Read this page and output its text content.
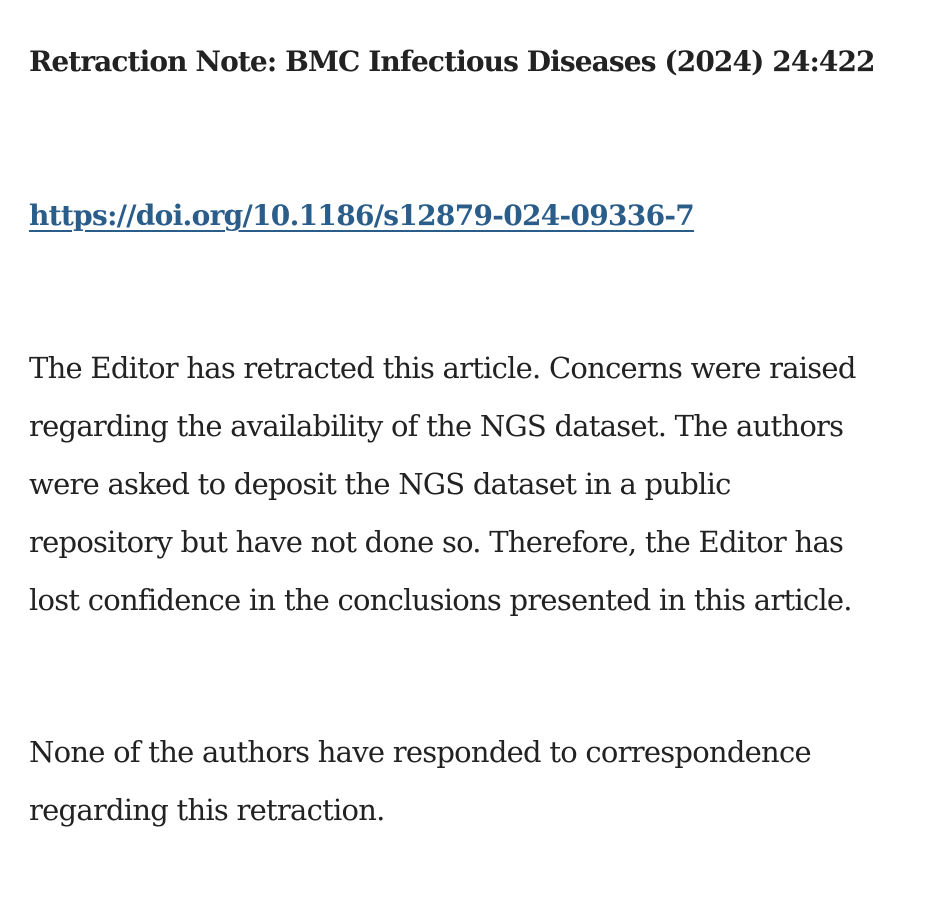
Retraction Note: BMC Infectious Diseases (2024) 24:422

https://doi.org/10.1186/s12879-024-09336-7

The Editor has retracted this article. Concerns were raised
regarding the availability of the NGS dataset. The authors
were asked to deposit the NGS dataset in a public
repository but have not done so. Therefore, the Editor has
lost confidence in the conclusions presented in this article.

None of the authors have responded to correspondence
regarding this retraction.
